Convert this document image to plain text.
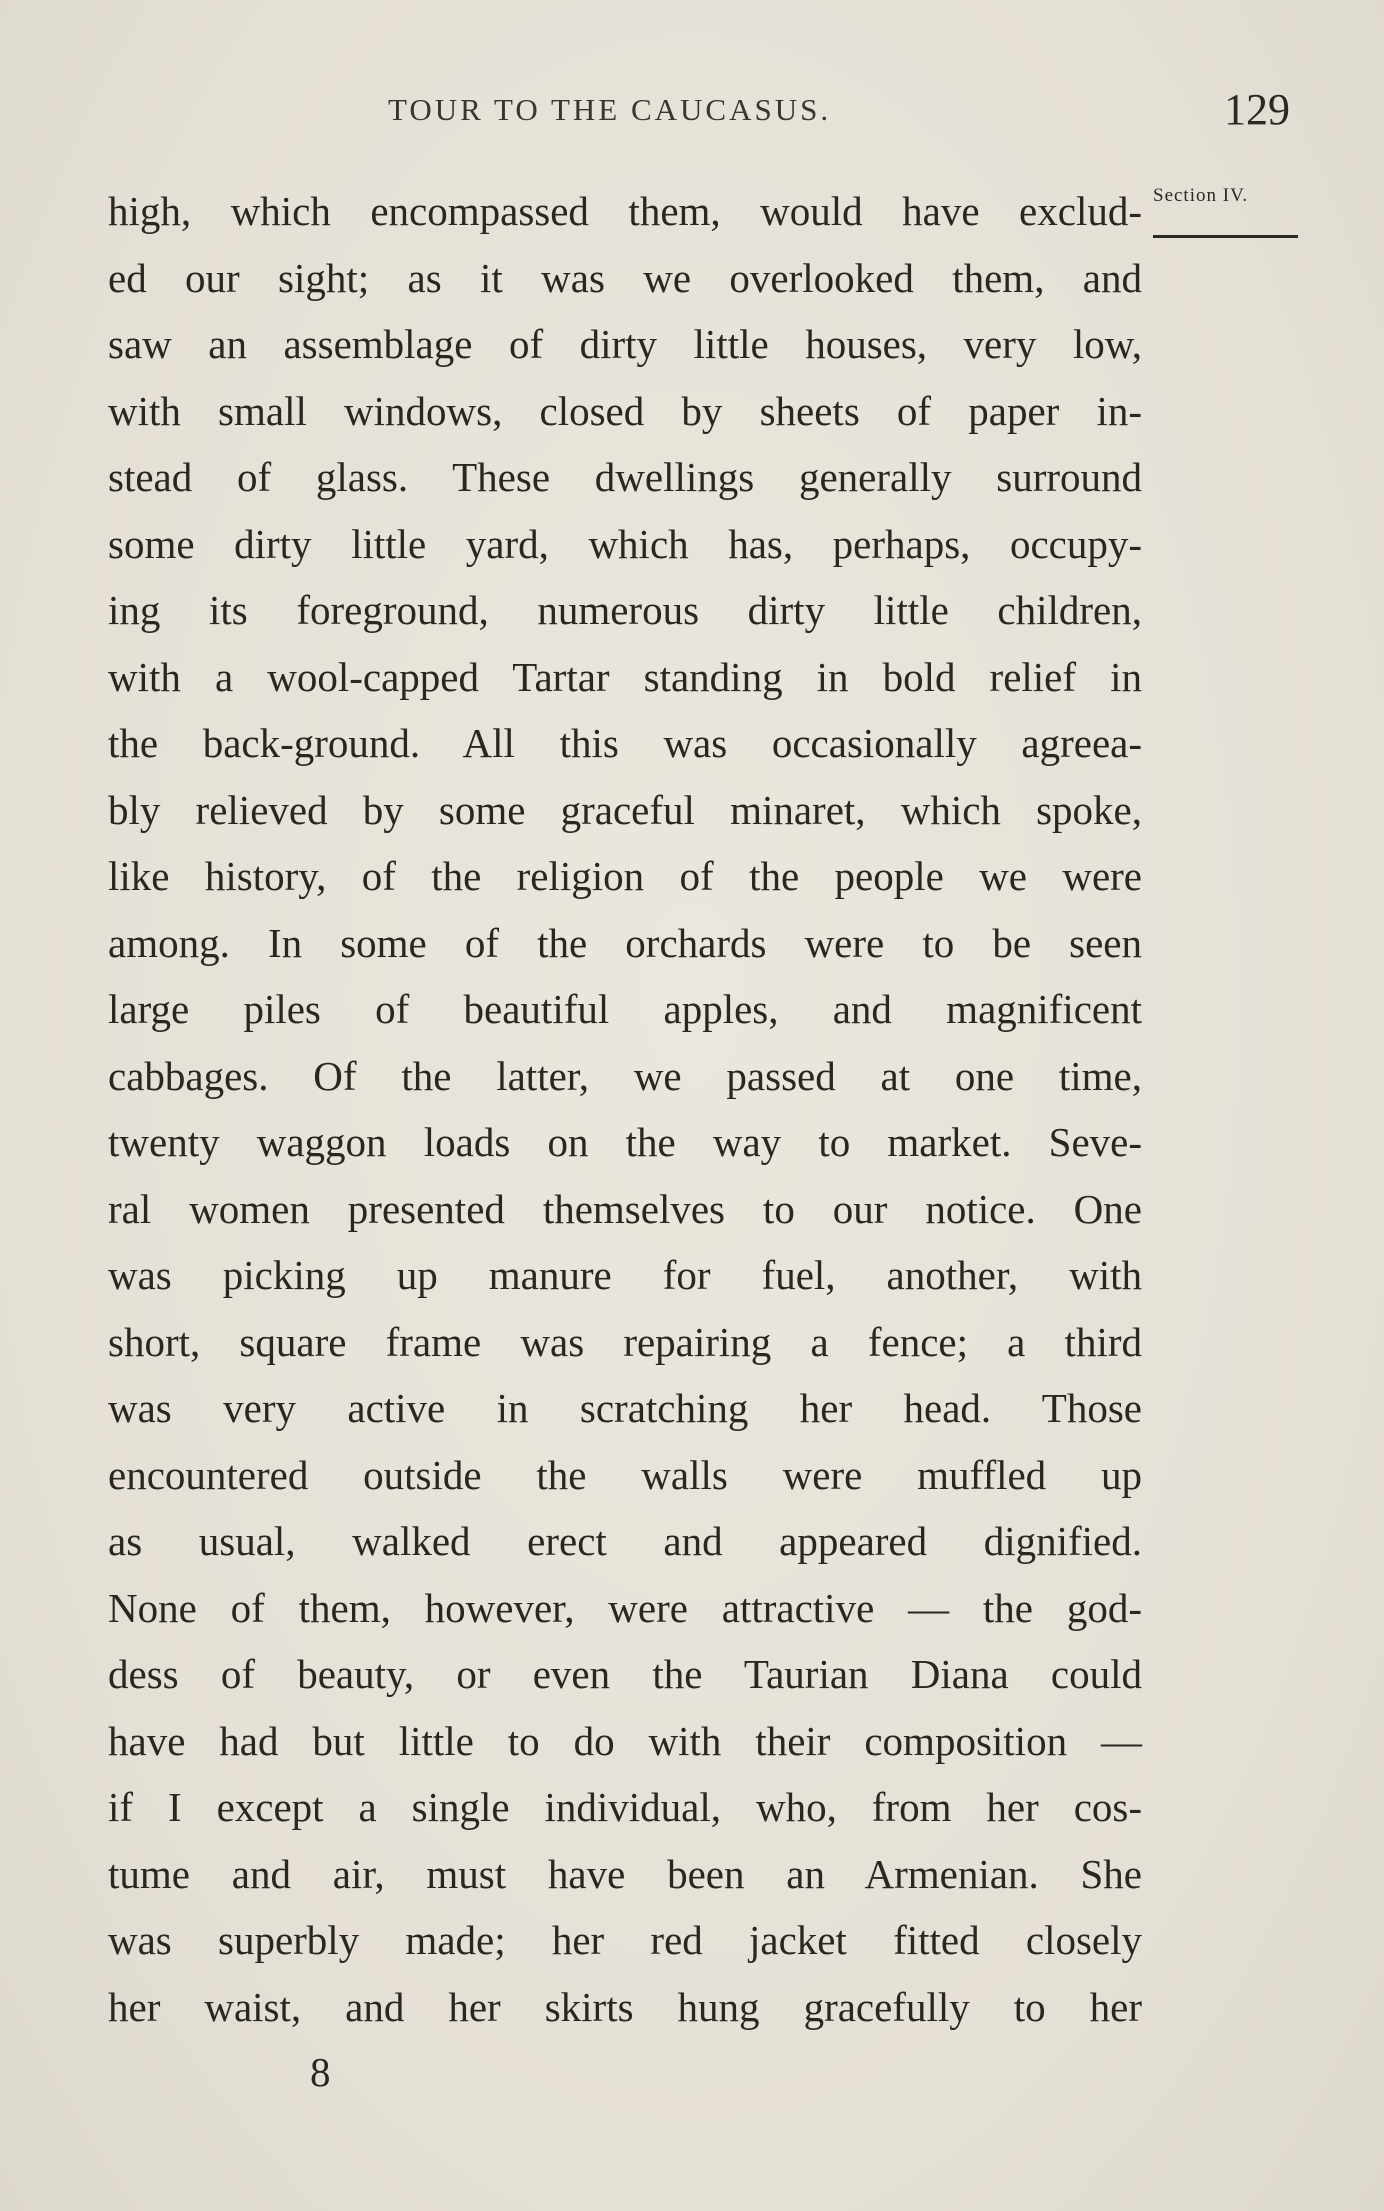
TOUR TO THE CAUCASUS.	129
Section IV.
high, which encompassed them, would have exclud-
ed our sight; as it was we overlooked them, and
saw an assemblage of dirty little houses, very low,
with small windows, closed by sheets of paper in-
stead of glass. These dwellings generally surround
some dirty little yard, which has, perhaps, occupy-
ing its foreground, numerous dirty little children,
with a wool-capped Tartar standing in bold relief in
the back-ground. All this was occasionally agreea-
bly relieved by some graceful minaret, which spoke,
like history, of the religion of the people we were
among. In some of the orchards were to be seen
large piles of beautiful apples, and magnificent
cabbages. Of the latter, we passed at one time,
twenty waggon loads on the way to market. Seve-
ral women presented themselves to our notice. One
was picking up manure for fuel, another, with
short, square frame was repairing a fence; a third
was very active in scratching her head. Those
encountered outside the walls were muffled up
as usual, walked erect and appeared dignified.
None of them, however, were attractive — the god-
dess of beauty, or even the Taurian Diana could
have had but little to do with their composition —
if I except a single individual, who, from her cos-
tume and air, must have been an Armenian. She
was superbly made; her red jacket fitted closely
her waist, and her skirts hung gracefully to her
8
